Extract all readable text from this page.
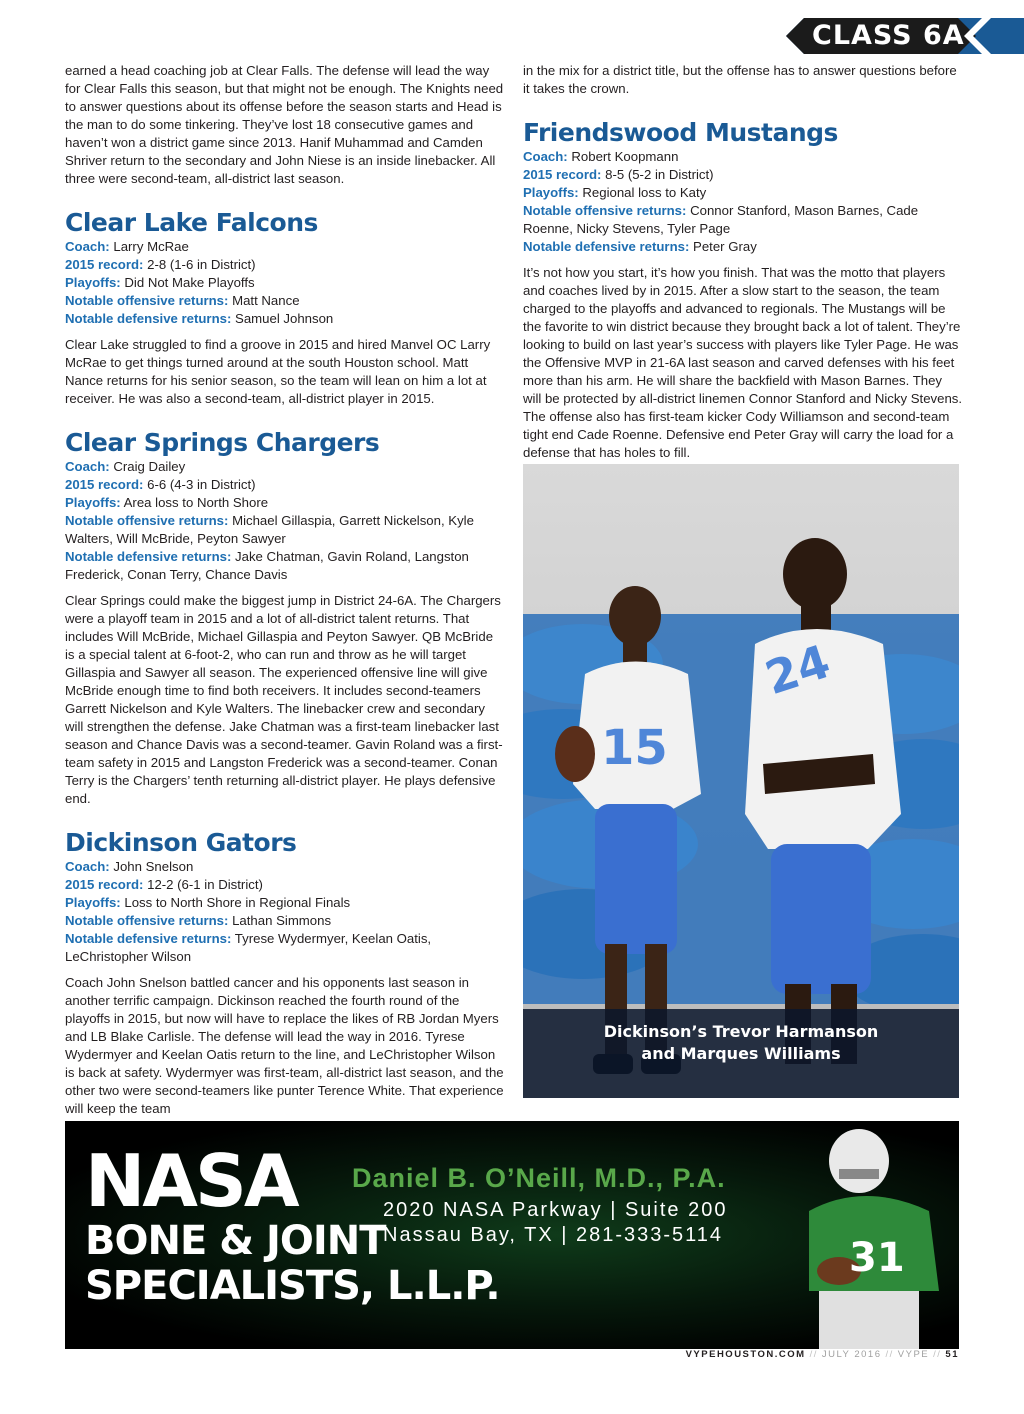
CLASS 6A

earned a head coaching job at Clear Falls. The defense will lead the way for Clear Falls this season, but that might not be enough. The Knights need to answer questions about its offense before the season starts and Head is the man to do some tinkering. They’ve lost 18 consecutive games and haven’t won a district game since 2013. Hanif Muhammad and Camden Shriver return to the secondary and John Niese is an inside linebacker. All three were second-team, all-district last season.

Clear Lake Falcons
Coach: Larry McRae
2015 record: 2-8 (1-6 in District)
Playoffs: Did Not Make Playoffs
Notable offensive returns: Matt Nance
Notable defensive returns: Samuel Johnson

Clear Lake struggled to find a groove in 2015 and hired Manvel OC Larry McRae to get things turned around at the south Houston school. Matt Nance returns for his senior season, so the team will lean on him a lot at receiver. He was also a second-team, all-district player in 2015.

Clear Springs Chargers
Coach: Craig Dailey
2015 record: 6-6 (4-3 in District)
Playoffs: Area loss to North Shore
Notable offensive returns: Michael Gillaspia, Garrett Nickelson, Kyle Walters, Will McBride, Peyton Sawyer
Notable defensive returns: Jake Chatman, Gavin Roland, Langston Frederick, Conan Terry, Chance Davis

Clear Springs could make the biggest jump in District 24-6A. The Chargers were a playoff team in 2015 and a lot of all-district talent returns. That includes Will McBride, Michael Gillaspia and Peyton Sawyer. QB McBride is a special talent at 6-foot-2, who can run and throw as he will target Gillaspia and Sawyer all season. The experienced offensive line will give McBride enough time to find both receivers. It includes second-teamers Garrett Nickelson and Kyle Walters. The linebacker crew and secondary will strengthen the defense. Jake Chatman was a first-team linebacker last season and Chance Davis was a second-teamer. Gavin Roland was a first-team safety in 2015 and Langston Frederick was a second-teamer. Conan Terry is the Chargers’ tenth returning all-district player. He plays defensive end.

Dickinson Gators
Coach: John Snelson
2015 record: 12-2 (6-1 in District)
Playoffs: Loss to North Shore in Regional Finals
Notable offensive returns: Lathan Simmons
Notable defensive returns: Tyrese Wydermyer, Keelan Oatis, LeChristopher Wilson

Coach John Snelson battled cancer and his opponents last season in another terrific campaign. Dickinson reached the fourth round of the playoffs in 2015, but now will have to replace the likes of RB Jordan Myers and LB Blake Carlisle. The defense will lead the way in 2016. Tyrese Wydermyer and Keelan Oatis return to the line, and LeChristopher Wilson is back at safety. Wydermyer was first-team, all-district last season, and the other two were second-teamers like punter Terence White. That experience will keep the team

in the mix for a district title, but the offense has to answer questions before it takes the crown.

Friendswood Mustangs
Coach: Robert Koopmann
2015 record: 8-5 (5-2 in District)
Playoffs: Regional loss to Katy
Notable offensive returns: Connor Stanford, Mason Barnes, Cade Roenne, Nicky Stevens, Tyler Page
Notable defensive returns: Peter Gray

It’s not how you start, it’s how you finish. That was the motto that players and coaches lived by in 2015. After a slow start to the season, the team charged to the playoffs and advanced to regionals. The Mustangs will be the favorite to win district because they brought back a lot of talent. They’re looking to build on last year’s success with players like Tyler Page. He was the Offensive MVP in 21-6A last season and carved defenses with his feet more than his arm. He will share the backfield with Mason Barnes. They will be protected by all-district linemen Connor Stanford and Nicky Stevens. The offense also has first-team kicker Cody Williamson and second-team tight end Cade Roenne. Defensive end Peter Gray will carry the load for a defense that has holes to fill.

15
24
Dickinson’s Trevor Harmanson
and Marques Williams
NASA
BONE & JOINT
SPECIALISTS, L.L.P.
Daniel B. O’Neill, M.D., P.A.
2020 NASA Parkway | Suite 200
Nassau Bay, TX | 281-333-5114	31
VYPEHOUSTON.COM // JULY 2016 // VYPE // 51
